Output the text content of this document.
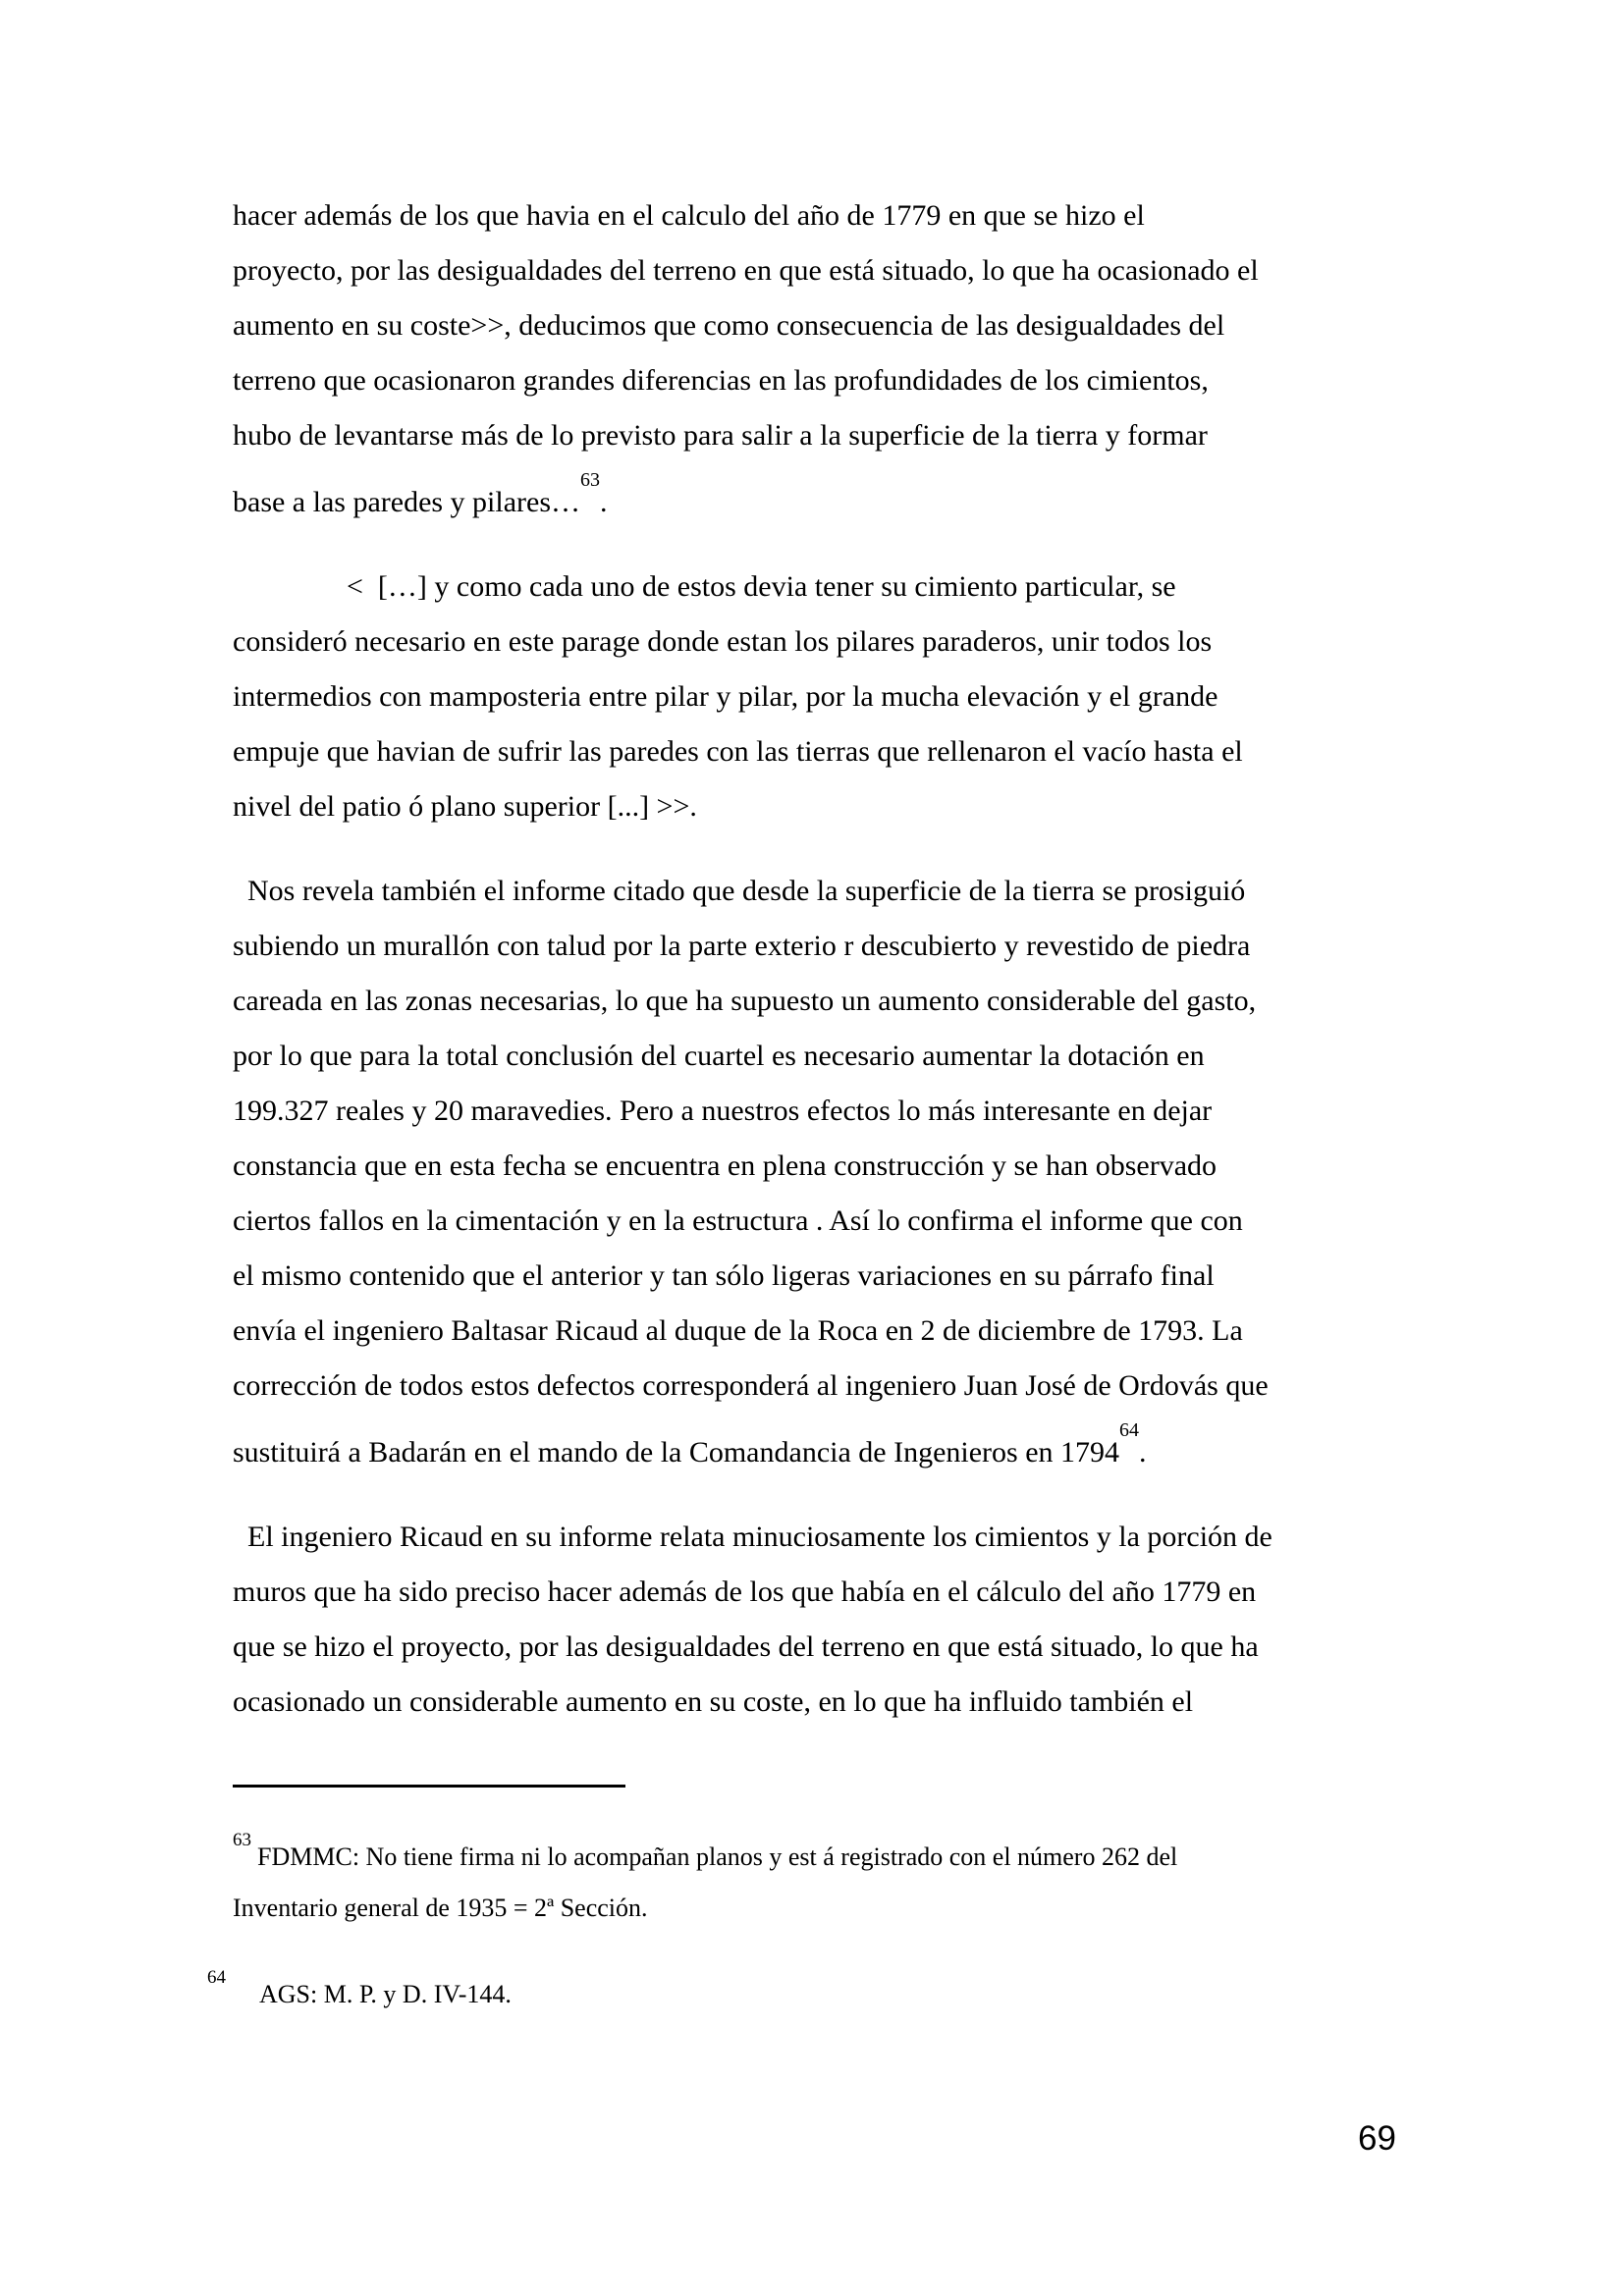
hacer además de los que havia en el calculo del año de 1779 en que se hizo el
proyecto, por las desigualdades del terreno en que está situado, lo que ha ocasionado el
aumento en su coste>>, deducimos que como consecuencia de las desigualdades del
terreno que ocasionaron grandes diferencias en las profundidades de los cimientos,
hubo de levantarse más de lo previsto para salir a la superficie de la tierra y formar
base a las paredes y pilares…$^{63}$.
<  […] y como cada uno de estos devia tener su cimiento particular, se
consideró necesario en este parage donde estan los pilares paraderos, unir todos los
intermedios con mamposteria entre pilar y pilar, por la mucha elevación y el grande
empuje que havian de sufrir las paredes con las tierras que rellenaron el vacío hasta el
nivel del patio ó plano superior [...] >>.
Nos revela también el informe citado que desde la superficie de la tierra se prosiguió
subiendo un murallón con talud por la parte exterio r descubierto y revestido de piedra
careada en las zonas necesarias, lo que ha supuesto un aumento considerable del gasto,
por lo que para la total conclusión del cuartel es necesario aumentar la dotación en
199.327 reales y 20 maravedies. Pero a nuestros efectos lo más interesante en dejar
constancia que en esta fecha se encuentra en plena construcción y se han observado
ciertos fallos en la cimentación y en la estructura . Así lo confirma el informe que con
el mismo contenido que el anterior y tan sólo ligeras variaciones en su párrafo final
envía el ingeniero Baltasar Ricaud al duque de la Roca en 2 de diciembre de 1793. La
corrección de todos estos defectos corresponderá al ingeniero Juan José de Ordovás que
sustituirá a Badarán en el mando de la Comandancia de Ingenieros en 1794$^{64}$.
El ingeniero Ricaud en su informe relata minuciosamente los cimientos y la porción de
muros que ha sido preciso hacer además de los que había en el cálculo del año 1779 en
que se hizo el proyecto, por las desigualdades del terreno en que está situado, lo que ha
ocasionado un considerable aumento en su coste, en lo que ha influido también el
$^{63}$FDMMC: No tiene firma ni lo acompañan planos y est á registrado con el número 262 del
Inventario general de 1935 = 2ª Sección.
$^{64}$AGS: M. P. y D. IV-144.
69
